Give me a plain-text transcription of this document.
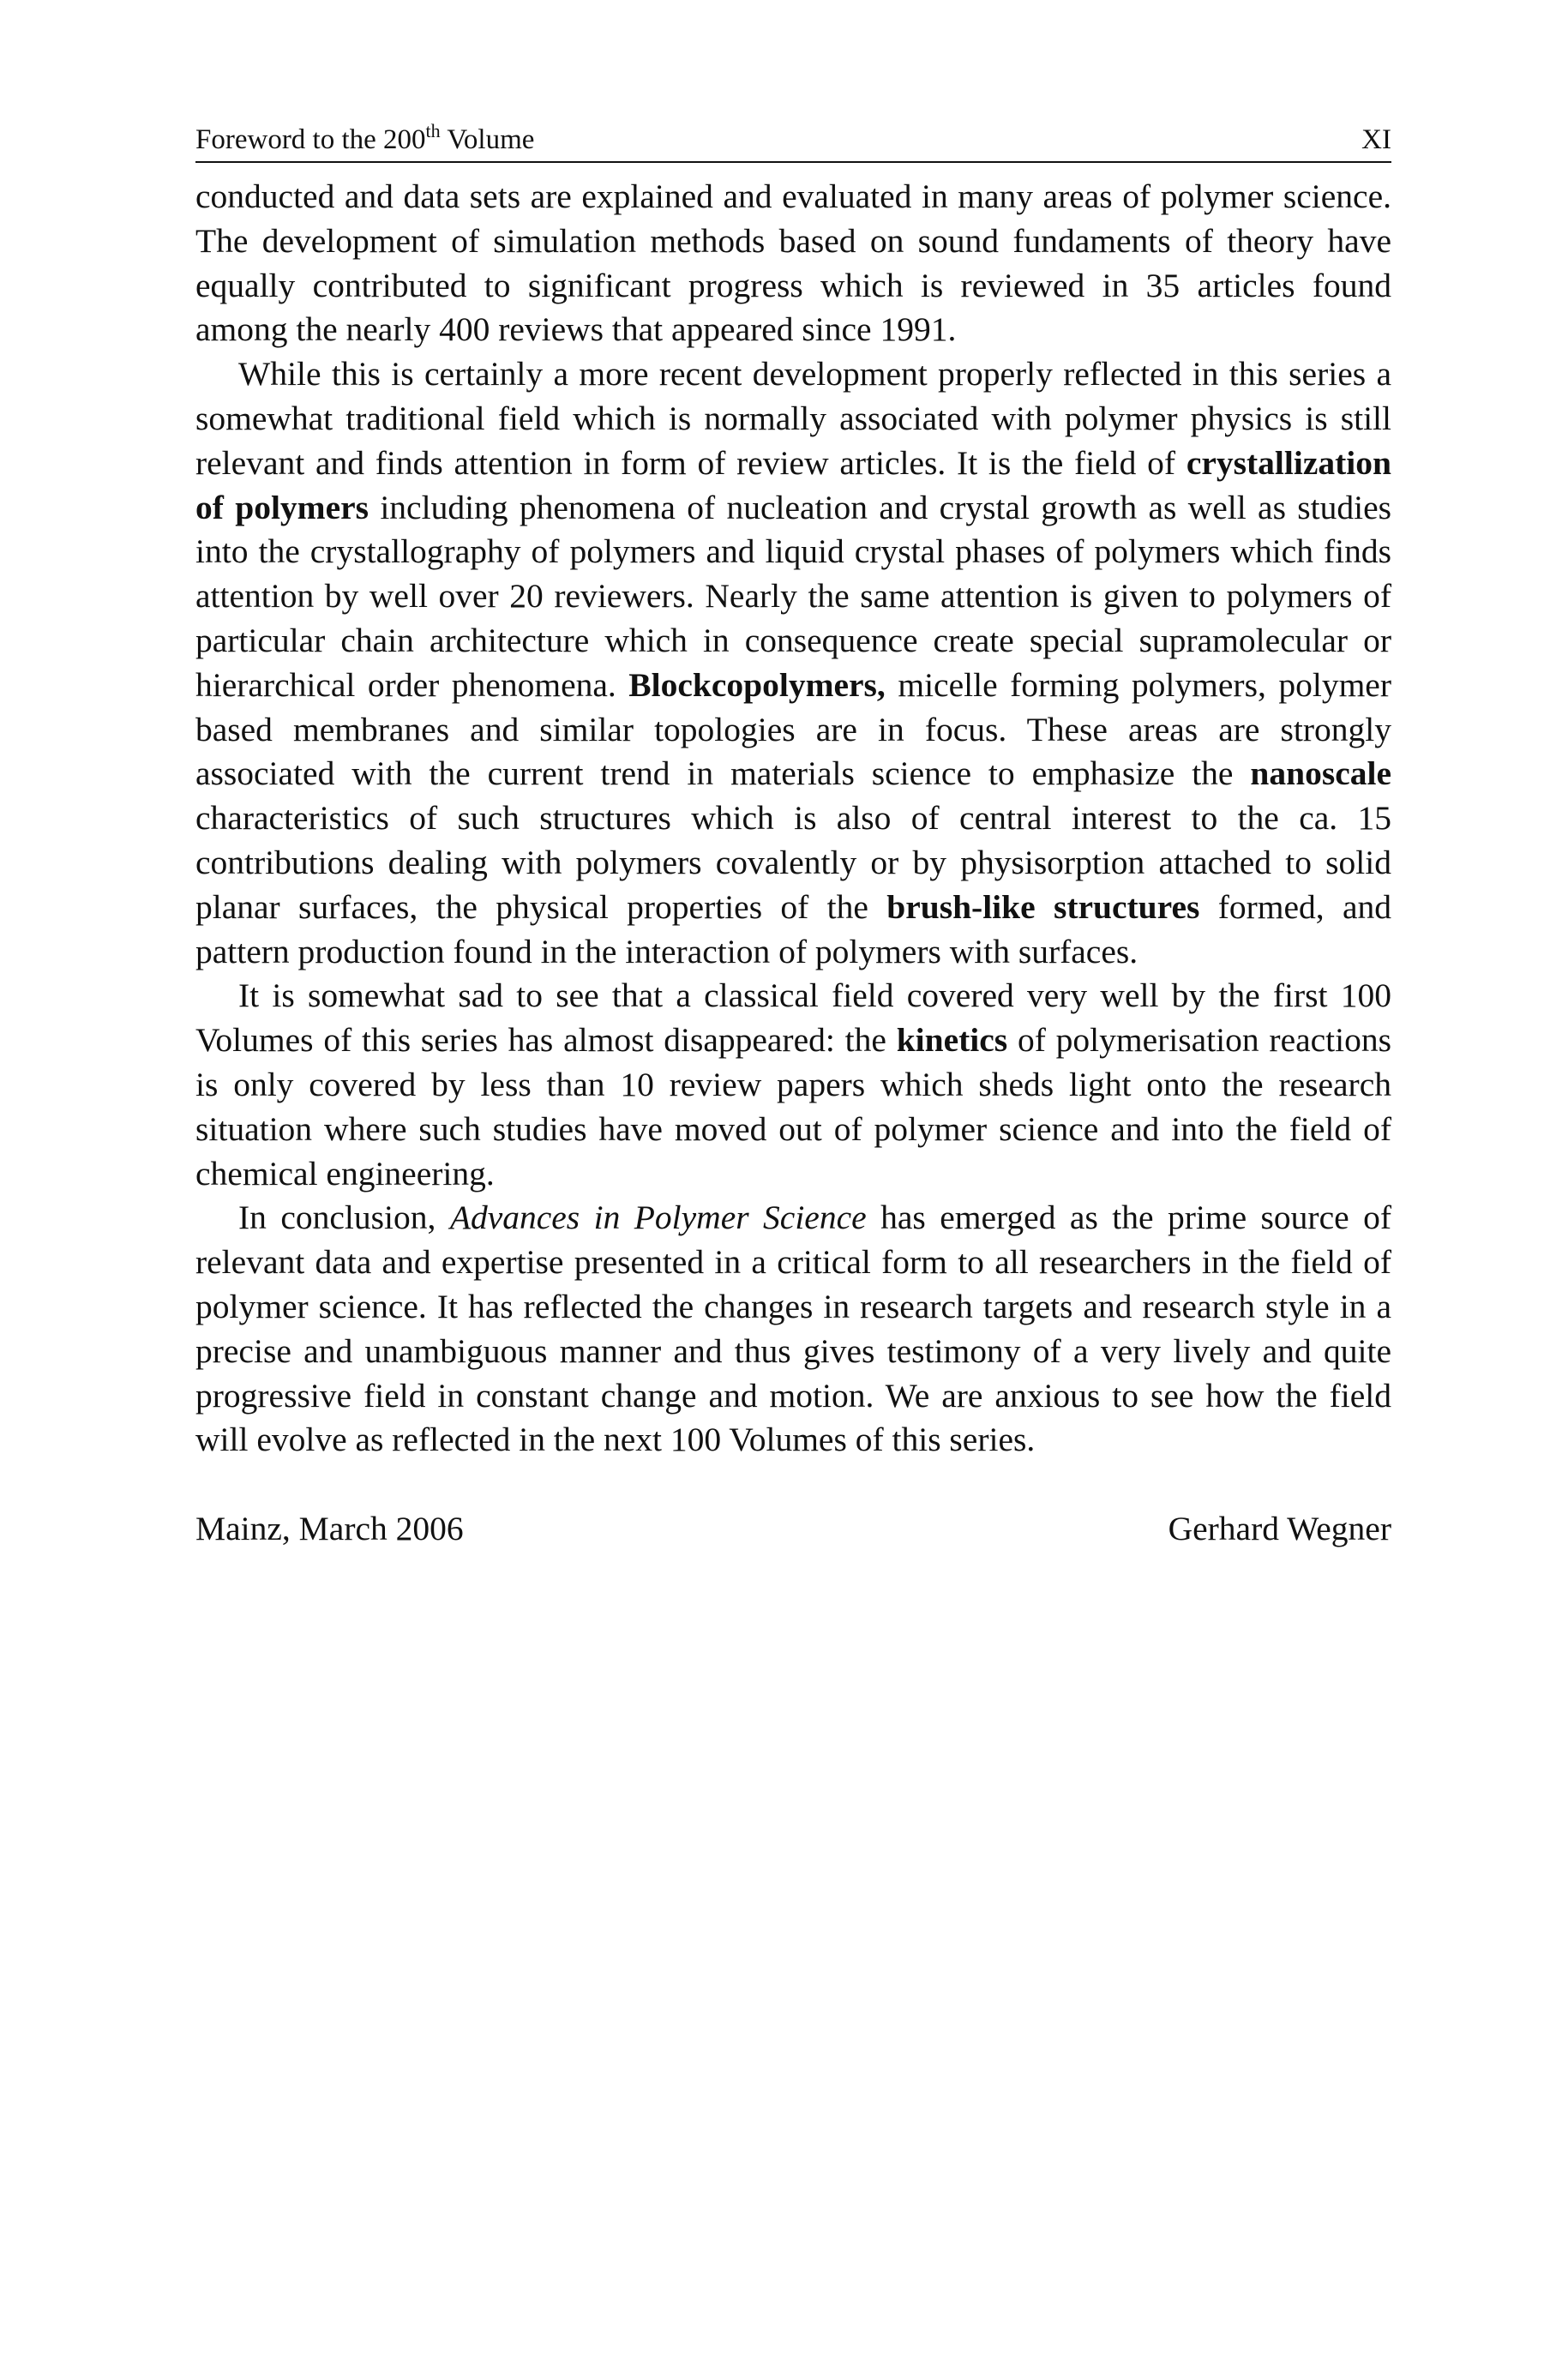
Foreword to the 200th Volume	XI

conducted and data sets are explained and evaluated in many areas of polymer science. The development of simulation methods based on sound fundaments of theory have equally contributed to significant progress which is reviewed in 35 articles found among the nearly 400 reviews that appeared since 1991.

While this is certainly a more recent development properly reflected in this series a somewhat traditional field which is normally associated with polymer physics is still relevant and finds attention in form of review articles. It is the field of crystallization of polymers including phenomena of nucleation and crystal growth as well as studies into the crystallography of polymers and liquid crystal phases of polymers which finds attention by well over 20 reviewers. Nearly the same attention is given to polymers of particular chain architecture which in consequence create special supramolecular or hierarchical order phenomena. Blockcopolymers, micelle forming polymers, polymer based membranes and similar topologies are in focus. These areas are strongly associated with the current trend in materials science to emphasize the nanoscale characteristics of such structures which is also of central interest to the ca. 15 contributions dealing with polymers covalently or by physisorption attached to solid planar surfaces, the physical properties of the brush-like structures formed, and pattern production found in the interaction of polymers with surfaces.

It is somewhat sad to see that a classical field covered very well by the first 100 Volumes of this series has almost disappeared: the kinetics of polymerisation reactions is only covered by less than 10 review papers which sheds light onto the research situation where such studies have moved out of polymer science and into the field of chemical engineering.

In conclusion, Advances in Polymer Science has emerged as the prime source of relevant data and expertise presented in a critical form to all researchers in the field of polymer science. It has reflected the changes in research targets and research style in a precise and unambiguous manner and thus gives testimony of a very lively and quite progressive field in constant change and motion. We are anxious to see how the field will evolve as reflected in the next 100 Volumes of this series.

Mainz, March 2006	Gerhard Wegner
